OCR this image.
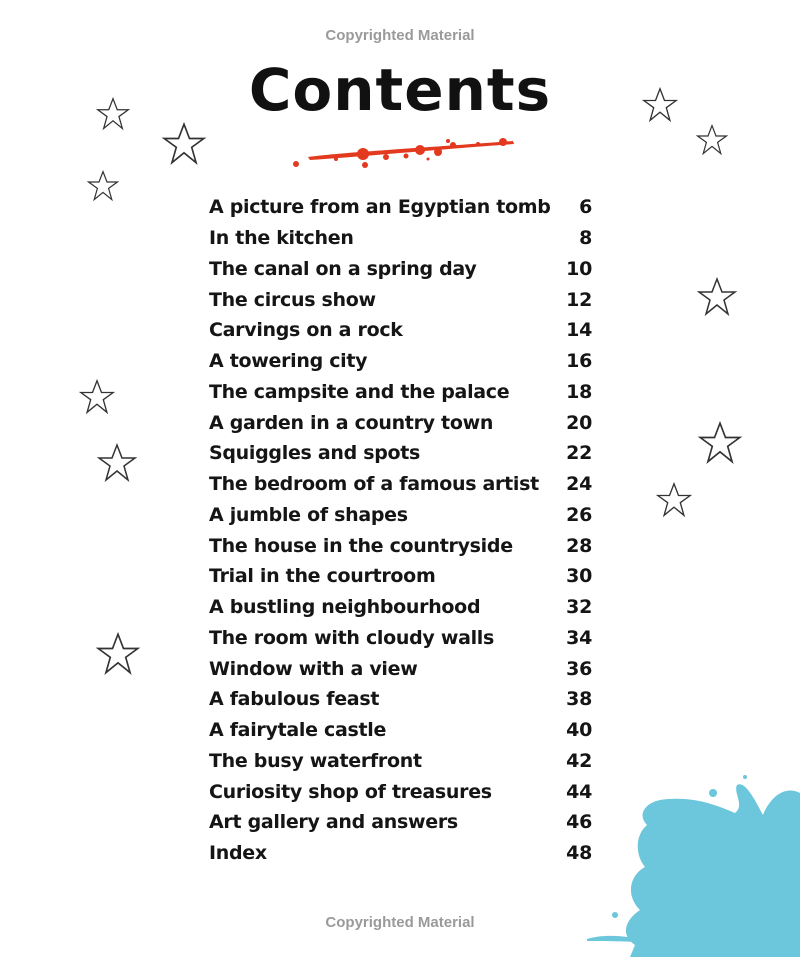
Copyrighted Material
Contents
A picture from an Egyptian tomb	6
In the kitchen	8
The canal on a spring day	10
The circus show	12
Carvings on a rock	14
A towering city	16
The campsite and the palace	18
A garden in a country town	20
Squiggles and spots	22
The bedroom of a famous artist 24
A jumble of shapes	26
The house in the countryside	28
Trial in the courtroom	30
A bustling neighbourhood	32
The room with cloudy walls	34
Window with a view	36
A fabulous feast	38
A fairytale castle	40
The busy waterfront	42
Curiosity shop of treasures	44
Art gallery and answers	46
Index	48
Copyrighted Material
